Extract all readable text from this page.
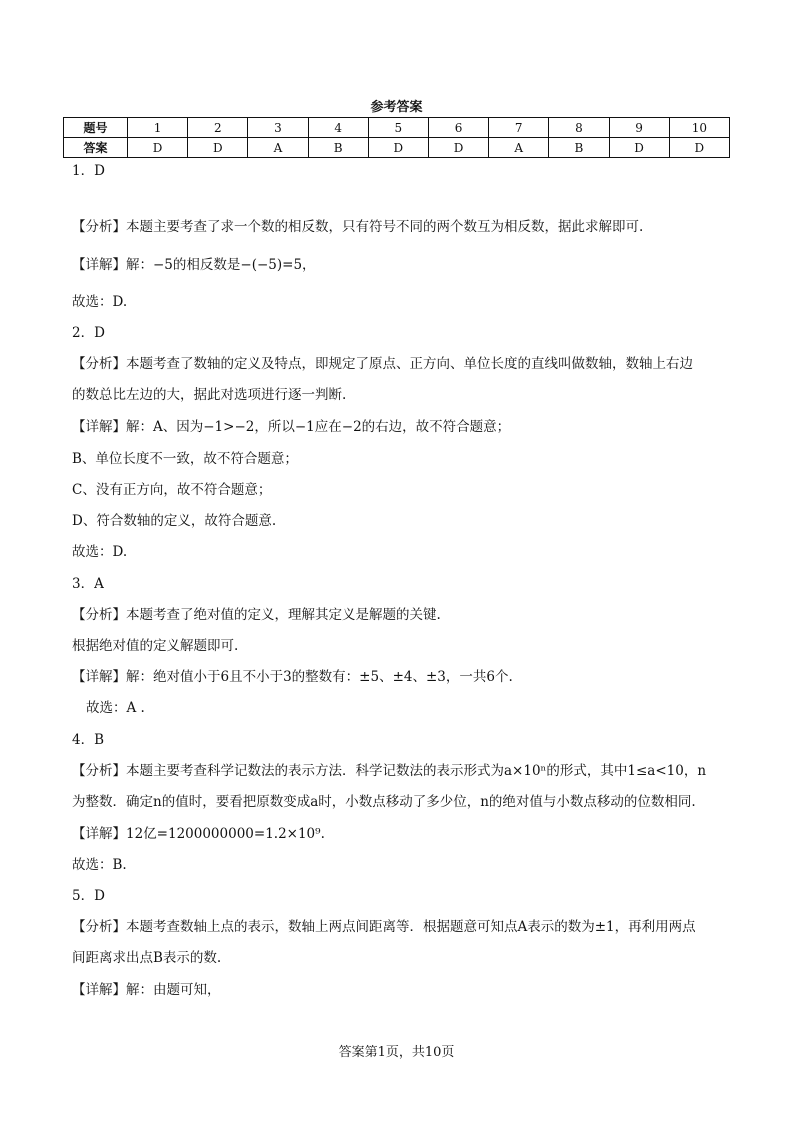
参考答案
题号	1	2	3	4	5	6	7	8	9	10
答案	D	D	A	B	D	D	A	B	D	D
1．D
【分析】本题主要考查了求一个数的相反数，只有符号不同的两个数互为相反数，据此求解即可.
【详解】解：−5的相反数是−(−5)=5，
故选：D.
2．D
【分析】本题考查了数轴的定义及特点，即规定了原点、正方向、单位长度的直线叫做数轴，数轴上右边
的数总比左边的大，据此对选项进行逐一判断.
【详解】解：A、因为−1>−2，所以−1应在−2的右边，故不符合题意；
B、单位长度不一致，故不符合题意；
C、没有正方向，故不符合题意；
D、符合数轴的定义，故符合题意.
故选：D.
3．A
【分析】本题考查了绝对值的定义，理解其定义是解题的关键.
根据绝对值的定义解题即可.
【详解】解：绝对值小于6且不小于3的整数有：±5、±4、±3，一共6个.
故选：A .
4．B
【分析】本题主要考查科学记数法的表示方法．科学记数法的表示形式为a×10ⁿ的形式，其中1≤a<10，n
为整数．确定n的值时，要看把原数变成a时，小数点移动了多少位，n的绝对值与小数点移动的位数相同.
【详解】12亿=1200000000=1.2×10⁹.
故选：B.
5．D
【分析】本题考查数轴上点的表示，数轴上两点间距离等．根据题意可知点A表示的数为±1，再利用两点
间距离求出点B表示的数.
【详解】解：由题可知，
答案第1页，共10页
